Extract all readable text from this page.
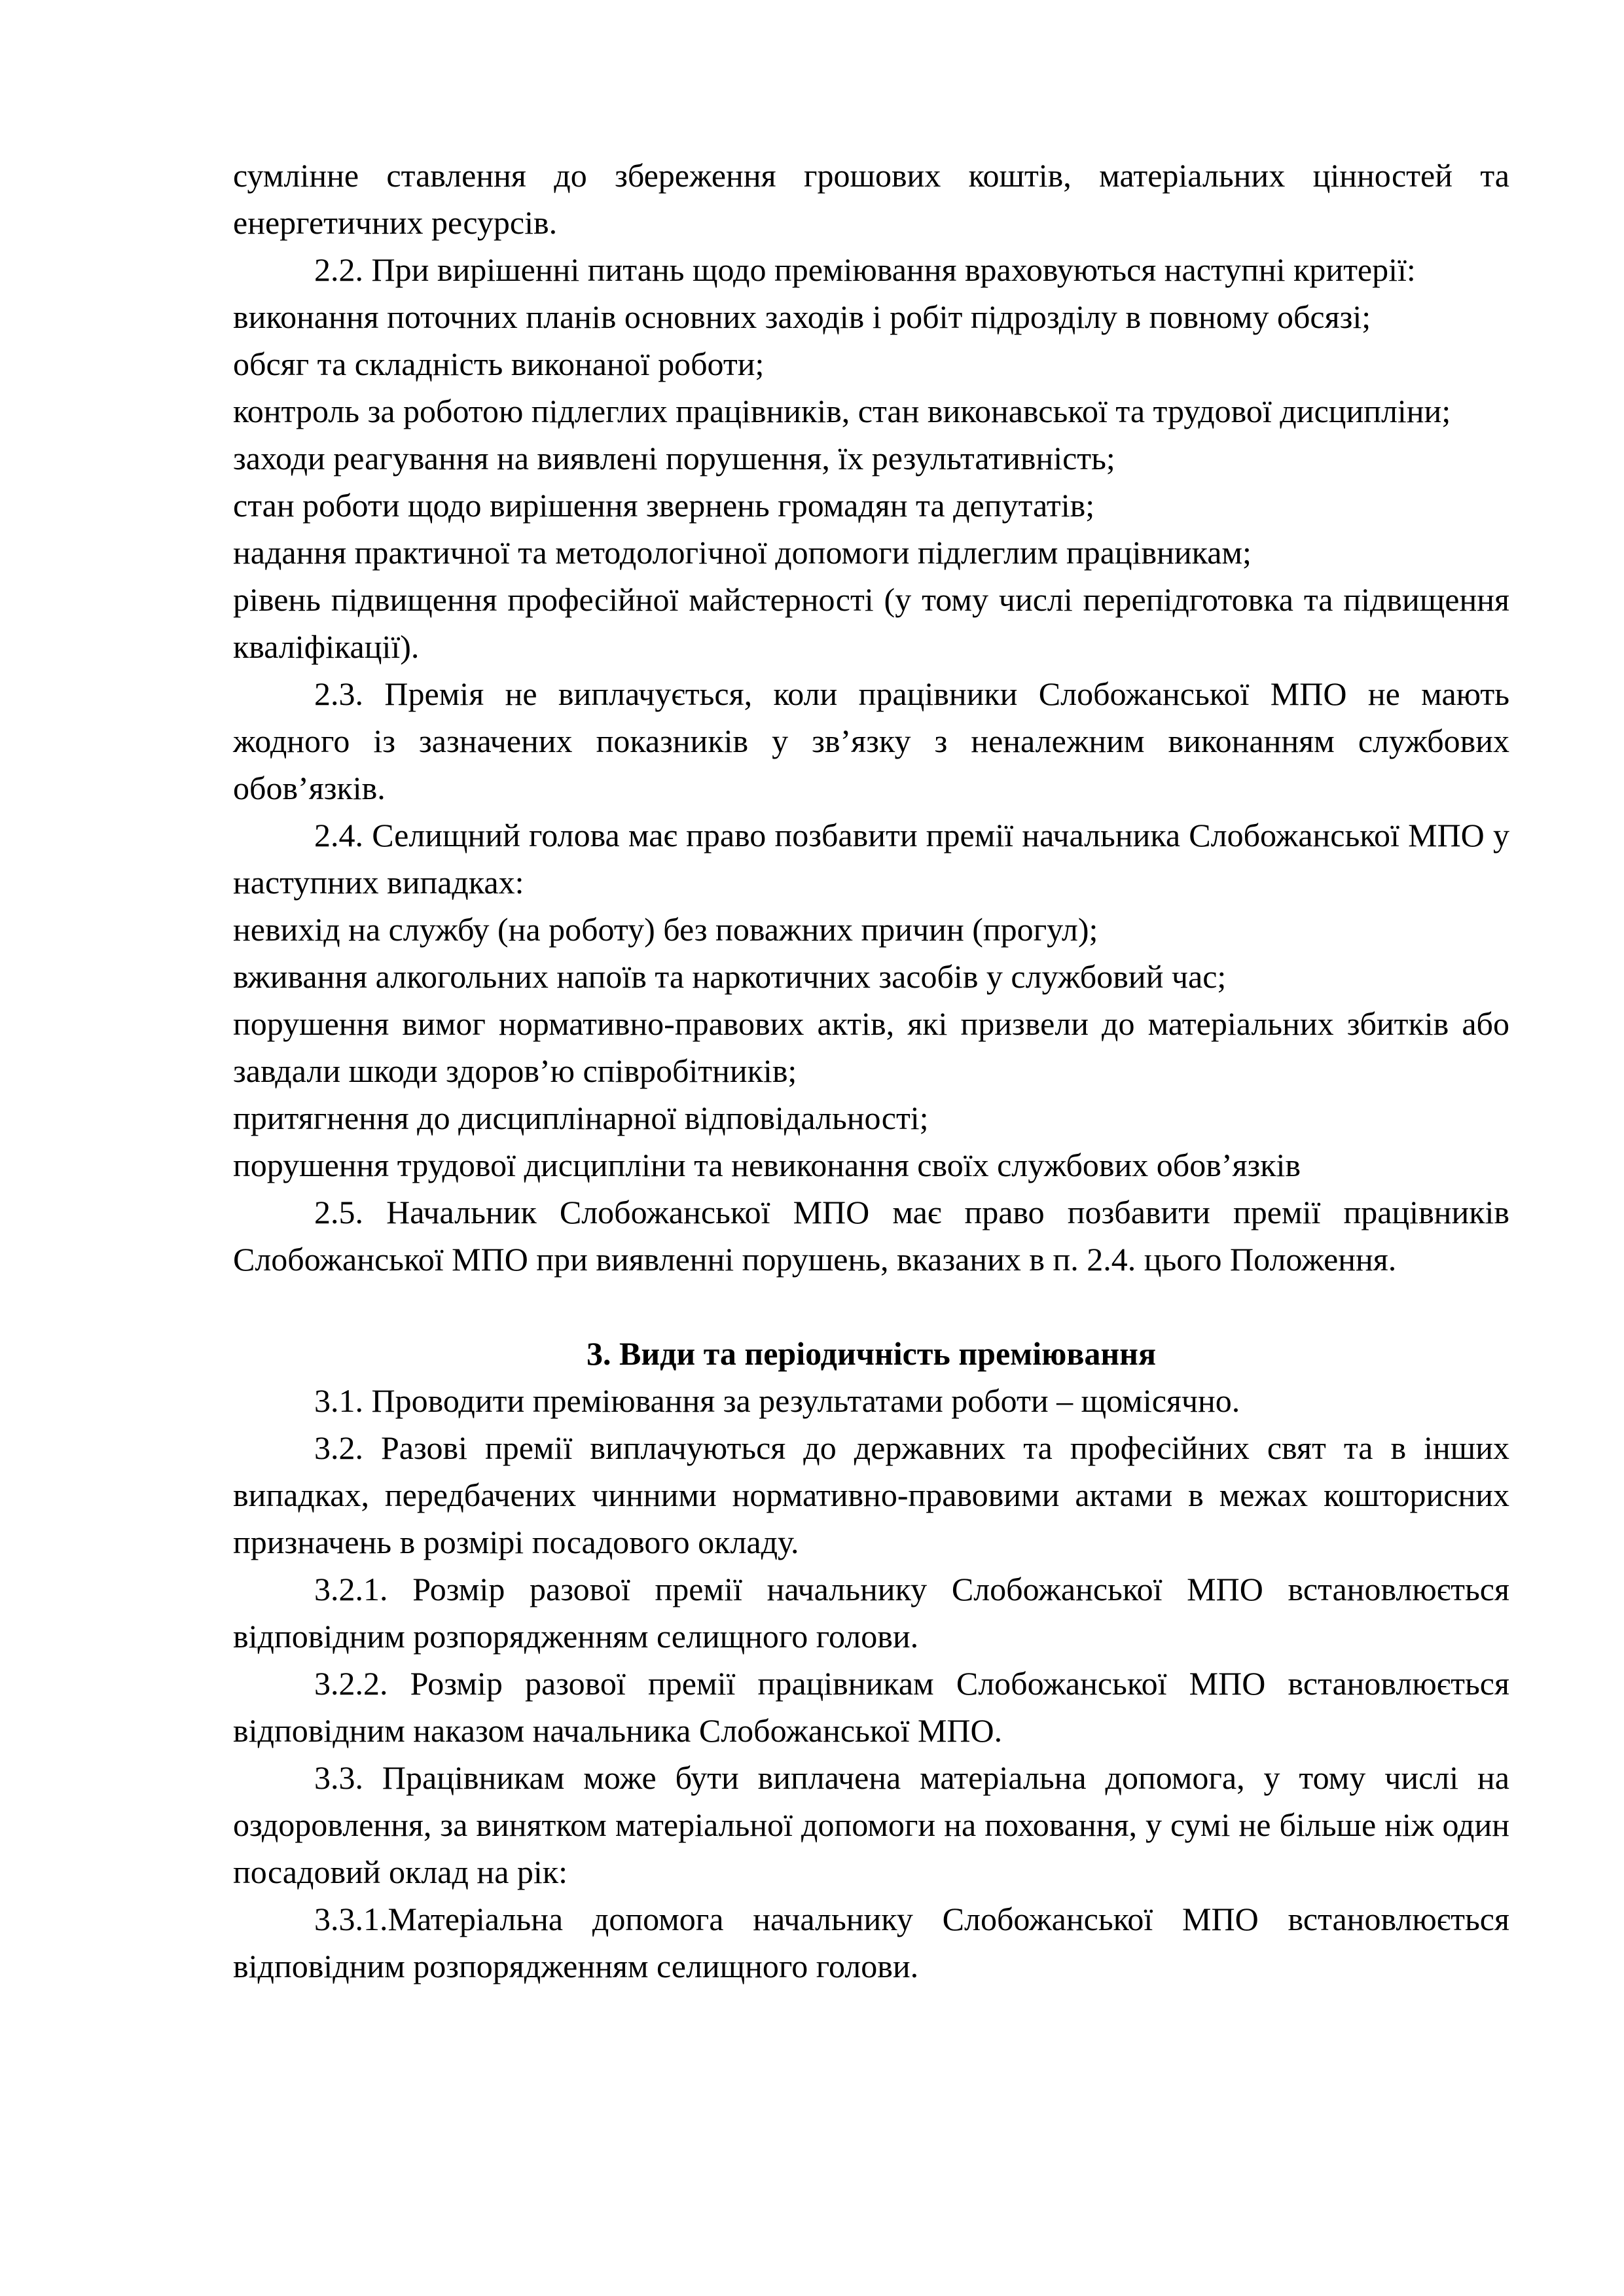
сумлінне ставлення до збереження грошових коштів, матеріальних цінностей та енергетичних ресурсів.

2.2. При вирішенні питань щодо преміювання враховуються наступні критерії:

виконання поточних планів основних заходів і робіт підрозділу в повному обсязі;

обсяг та складність виконаної роботи;

контроль за роботою підлеглих працівників, стан виконавської та трудової дисципліни;

заходи реагування на виявлені порушення, їх результативність;

стан роботи щодо вирішення звернень громадян та депутатів;

надання практичної та методологічної допомоги підлеглим працівникам;

рівень підвищення професійної майстерності (у тому числі перепідготовка та підвищення кваліфікації).

2.3. Премія не виплачується, коли працівники Слобожанської МПО не мають жодного із зазначених показників у зв’язку з неналежним виконанням службових обов’язків.

2.4. Селищний голова має право позбавити премії начальника Слобожанської МПО у наступних випадках:

невихід на службу (на роботу) без поважних причин (прогул);

вживання алкогольних напоїв та наркотичних засобів у службовий час;

порушення вимог нормативно-правових актів, які призвели до матеріальних збитків або завдали шкоди здоров’ю співробітників;

притягнення до дисциплінарної відповідальності;

порушення трудової дисципліни та невиконання своїх службових обов’язків

2.5. Начальник Слобожанської МПО має право позбавити премії працівників Слобожанської МПО при виявленні порушень, вказаних в п. 2.4. цього Положення.

3. Види та періодичність преміювання

3.1. Проводити преміювання за результатами роботи – щомісячно.

3.2. Разові премії виплачуються до державних та професійних свят та в інших випадках, передбачених чинними нормативно-правовими актами в межах кошторисних призначень в розмірі посадового окладу.

3.2.1. Розмір разової премії начальнику Слобожанської МПО встановлюється відповідним розпорядженням селищного голови.

3.2.2. Розмір разової премії працівникам Слобожанської МПО встановлюється відповідним наказом начальника Слобожанської МПО.

3.3. Працівникам може бути виплачена матеріальна допомога, у тому числі на оздоровлення, за винятком матеріальної допомоги на поховання, у сумі не більше ніж один посадовий оклад на рік:

3.3.1.Матеріальна допомога начальнику Слобожанської МПО встановлюється відповідним розпорядженням селищного голови.
